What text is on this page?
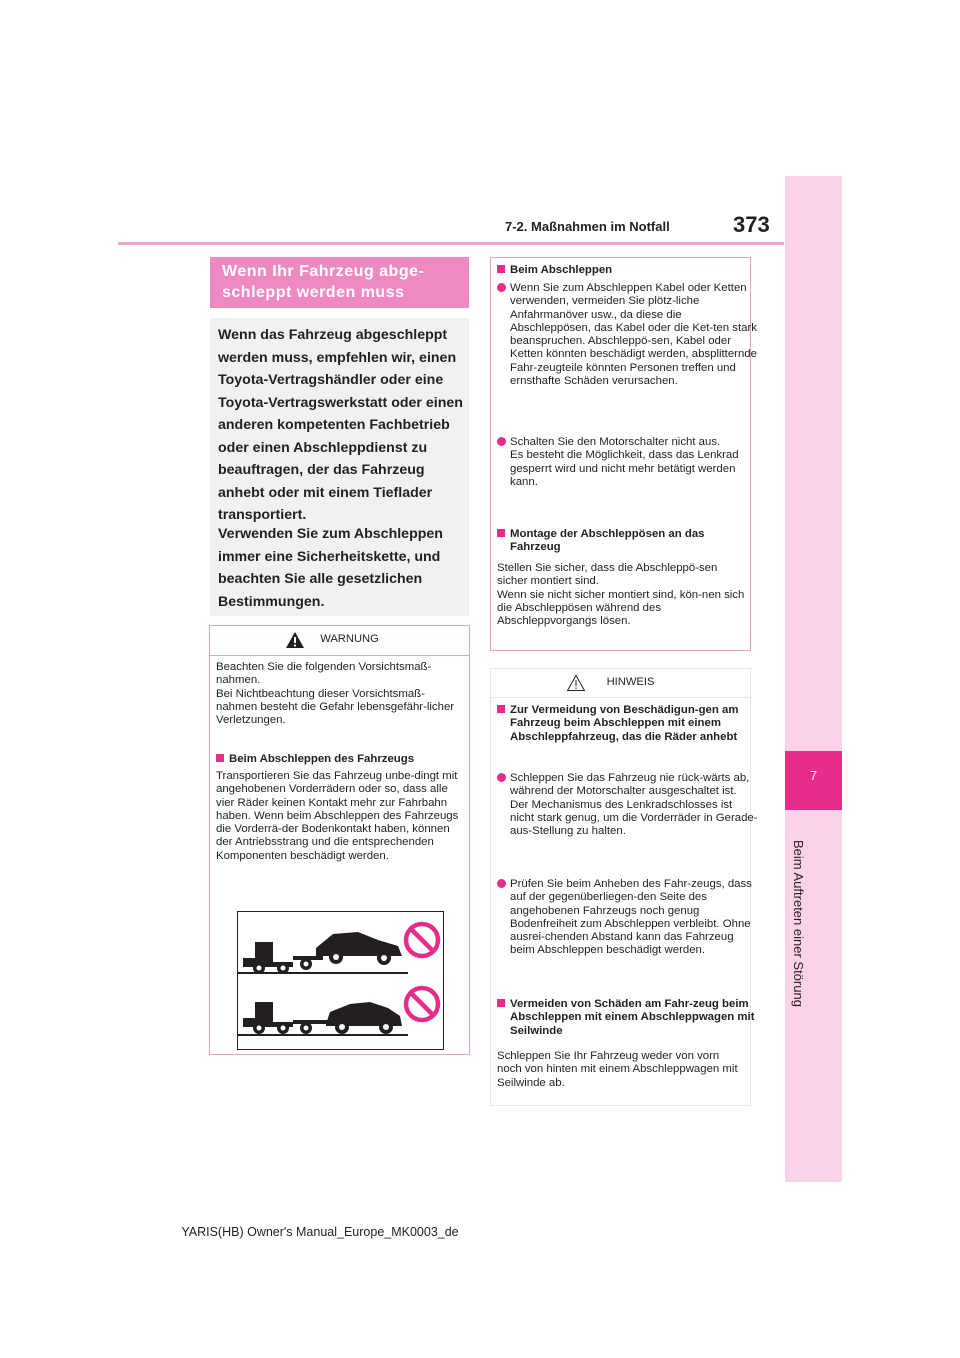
7-2. Maßnahmen im Notfall	373
7
Beim Auftreten einer Störung
Wenn Ihr Fahrzeug abge-
schleppt werden muss
Wenn das Fahrzeug abgeschleppt werden muss, empfehlen wir, einen Toyota-Vertragshändler oder eine Toyota-Vertragswerkstatt oder einen anderen kompetenten Fachbetrieb oder einen Abschleppdienst zu beauftragen, der das Fahrzeug anhebt oder mit einem Tieflader transportiert.
Verwenden Sie zum Abschleppen immer eine Sicherheitskette, und beachten Sie alle gesetzlichen Bestimmungen.
WARNUNG
Beachten Sie die folgenden Vorsichtsmaß-nahmen.
Bei Nichtbeachtung dieser Vorsichtsmaß-nahmen besteht die Gefahr lebensgefähr-licher Verletzungen.
Beim Abschleppen des Fahrzeugs
Transportieren Sie das Fahrzeug unbe-dingt mit angehobenen Vorderrädern oder so, dass alle vier Räder keinen Kontakt mehr zur Fahrbahn haben. Wenn beim Abschleppen des Fahrzeugs die Vorderrä-der Bodenkontakt haben, können der Antriebsstrang und die entsprechenden Komponenten beschädigt werden.
Beim Abschleppen
Wenn Sie zum Abschleppen Kabel oder Ketten verwenden, vermeiden Sie plötz-liche Anfahrmanöver usw., da diese die Abschleppösen, das Kabel oder die Ket-ten stark beanspruchen. Abschleppö-sen, Kabel oder Ketten könnten beschädigt werden, absplitternde Fahr-zeugteile könnten Personen treffen und ernsthafte Schäden verursachen.
Schalten Sie den Motorschalter nicht aus.
Es besteht die Möglichkeit, dass das Lenkrad gesperrt wird und nicht mehr betätigt werden kann.
Montage der Abschleppösen an das Fahrzeug
Stellen Sie sicher, dass die Abschleppö-sen sicher montiert sind.
Wenn sie nicht sicher montiert sind, kön-nen sich die Abschleppösen während des Abschleppvorgangs lösen.
HINWEIS
Zur Vermeidung von Beschädigun-gen am Fahrzeug beim Abschleppen mit einem Abschleppfahrzeug, das die Räder anhebt
Schleppen Sie das Fahrzeug nie rück-wärts ab, während der Motorschalter ausgeschaltet ist. Der Mechanismus des Lenkradschlosses ist nicht stark genug, um die Vorderräder in Gerade-aus-Stellung zu halten.
Prüfen Sie beim Anheben des Fahr-zeugs, dass auf der gegenüberliegen-den Seite des angehobenen Fahrzeugs noch genug Bodenfreiheit zum Abschleppen verbleibt. Ohne ausrei-chenden Abstand kann das Fahrzeug beim Abschleppen beschädigt werden.
Vermeiden von Schäden am Fahr-zeug beim Abschleppen mit einem Abschleppwagen mit Seilwinde
Schleppen Sie Ihr Fahrzeug weder von vorn noch von hinten mit einem Abschleppwagen mit Seilwinde ab.
YARIS(HB) Owner's Manual_Europe_MK0003_de
